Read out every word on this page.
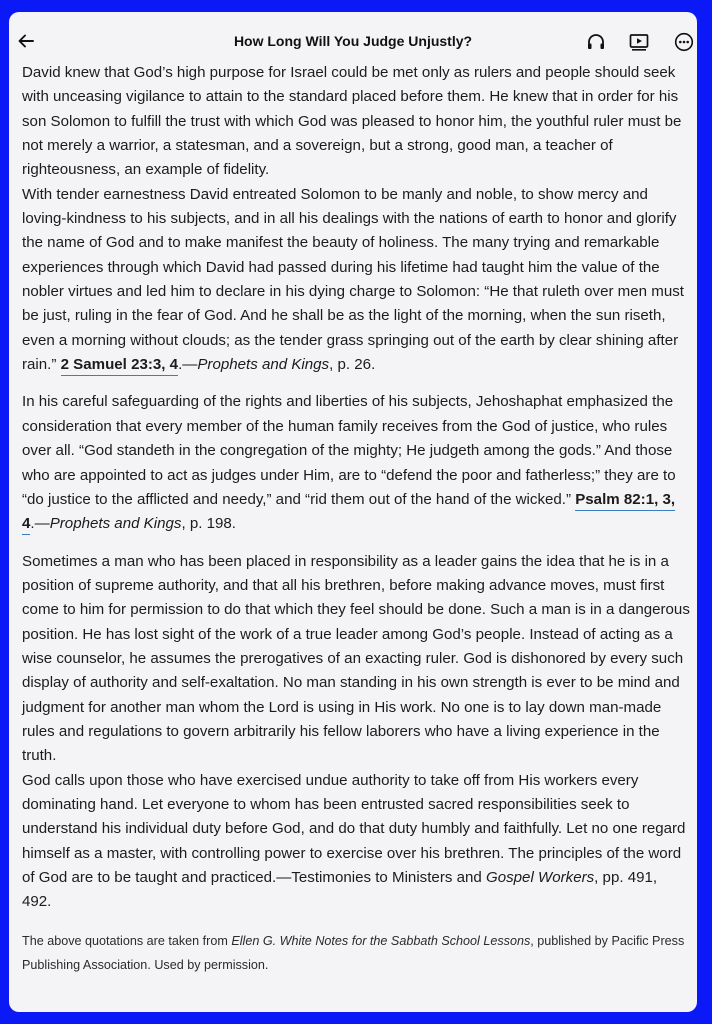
How Long Will You Judge Unjustly?

David knew that God’s high purpose for Israel could be met only as rulers and people should seek with unceasing vigilance to attain to the standard placed before them. He knew that in order for his son Solomon to fulfill the trust with which God was pleased to honor him, the youthful ruler must be not merely a warrior, a statesman, and a sovereign, but a strong, good man, a teacher of righteousness, an example of fidelity.

With tender earnestness David entreated Solomon to be manly and noble, to show mercy and loving-kindness to his subjects, and in all his dealings with the nations of earth to honor and glorify the name of God and to make manifest the beauty of holiness. The many trying and remarkable experiences through which David had passed during his lifetime had taught him the value of the nobler virtues and led him to declare in his dying charge to Solomon: “He that ruleth over men must be just, ruling in the fear of God. And he shall be as the light of the morning, when the sun riseth, even a morning without clouds; as the tender grass springing out of the earth by clear shining after rain.” 2 Samuel 23:3, 4.—Prophets and Kings, p. 26.

In his careful safeguarding of the rights and liberties of his subjects, Jehoshaphat emphasized the consideration that every member of the human family receives from the God of justice, who rules over all. “God standeth in the congregation of the mighty; He judgeth among the gods.” And those who are appointed to act as judges under Him, are to “defend the poor and fatherless;” they are to “do justice to the afflicted and needy,” and “rid them out of the hand of the wicked.” Psalm 82:1, 3, 4.—Prophets and Kings, p. 198.

Sometimes a man who has been placed in responsibility as a leader gains the idea that he is in a position of supreme authority, and that all his brethren, before making advance moves, must first come to him for permission to do that which they feel should be done. Such a man is in a dangerous position. He has lost sight of the work of a true leader among God’s people. Instead of acting as a wise counselor, he assumes the prerogatives of an exacting ruler. God is dishonored by every such display of authority and self-exaltation. No man standing in his own strength is ever to be mind and judgment for another man whom the Lord is using in His work. No one is to lay down man-made rules and regulations to govern arbitrarily his fellow laborers who have a living experience in the truth.

God calls upon those who have exercised undue authority to take off from His workers every dominating hand. Let everyone to whom has been entrusted sacred responsibilities seek to understand his individual duty before God, and do that duty humbly and faithfully. Let no one regard himself as a master, with controlling power to exercise over his brethren. The principles of the word of God are to be taught and practiced.—Testimonies to Ministers and Gospel Workers, pp. 491, 492.

The above quotations are taken from Ellen G. White Notes for the Sabbath School Lessons, published by Pacific Press Publishing Association. Used by permission.
